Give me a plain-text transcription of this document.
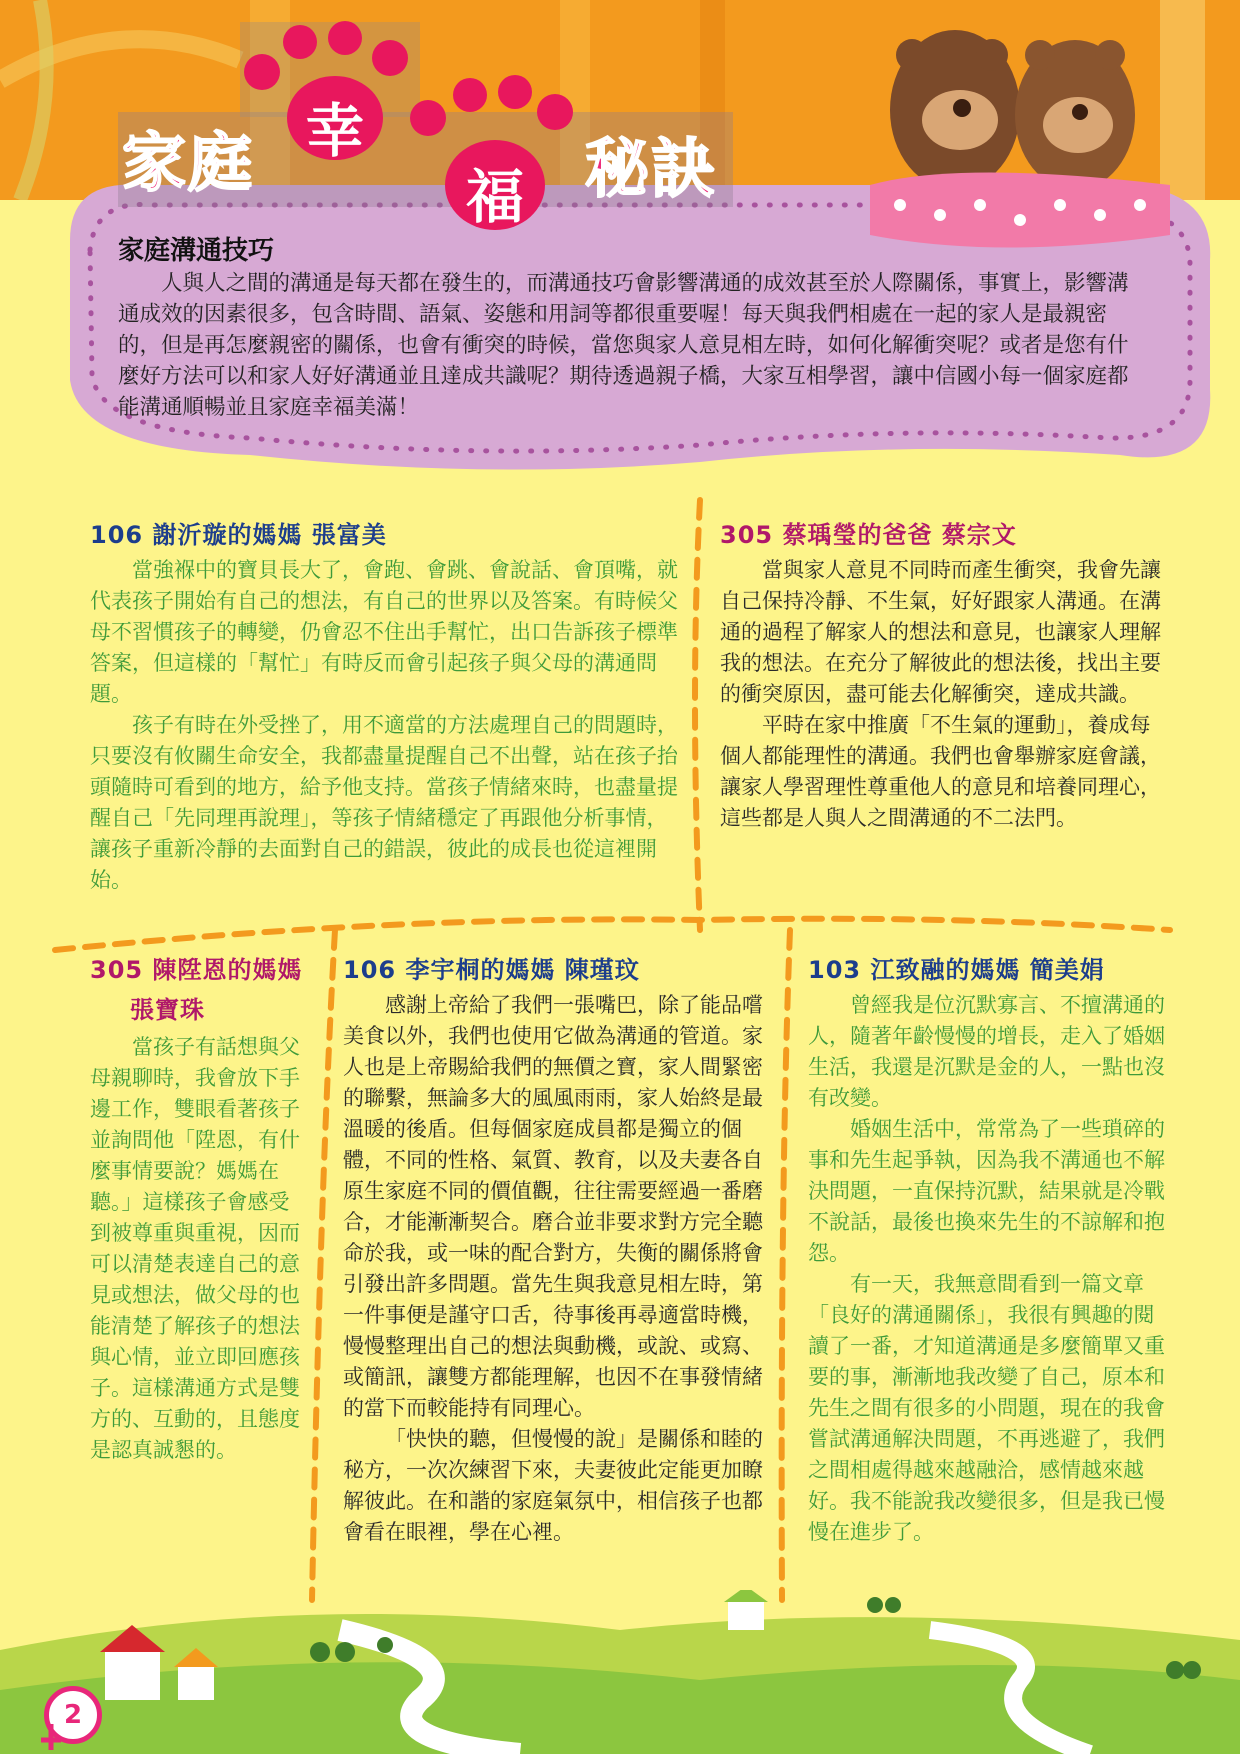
家庭 幸
福 秘訣
家庭溝通技巧

人與人之間的溝通是每天都在發生的，而溝通技巧會影響溝通的成效甚至於人際關係，事實上，影響溝通成效的因素很多，包含時間、語氣、姿態和用詞等都很重要喔！每天與我們相處在一起的家人是最親密的，但是再怎麼親密的關係，也會有衝突的時候，當您與家人意見相左時，如何化解衝突呢？或者是您有什麼好方法可以和家人好好溝通並且達成共識呢？期待透過親子橋，大家互相學習，讓中信國小每一個家庭都能溝通順暢並且家庭幸福美滿！

106 謝沂璇的媽媽 張富美

當強褓中的寶貝長大了，會跑、會跳、會說話、會頂嘴，就代表孩子開始有自己的想法，有自己的世界以及答案。有時候父母不習慣孩子的轉變，仍會忍不住出手幫忙，出口告訴孩子標準答案，但這樣的「幫忙」有時反而會引起孩子與父母的溝通問題。

孩子有時在外受挫了，用不適當的方法處理自己的問題時，只要沒有攸關生命安全，我都盡量提醒自己不出聲，站在孩子抬頭隨時可看到的地方，給予他支持。當孩子情緒來時，也盡量提醒自己「先同理再說理」，等孩子情緒穩定了再跟他分析事情，讓孩子重新冷靜的去面對自己的錯誤，彼此的成長也從這裡開始。

305 蔡瑀瑩的爸爸 蔡宗文

當與家人意見不同時而產生衝突，我會先讓自己保持冷靜、不生氣，好好跟家人溝通。在溝通的過程了解家人的想法和意見，也讓家人理解我的想法。在充分了解彼此的想法後，找出主要的衝突原因，盡可能去化解衝突，達成共識。

平時在家中推廣「不生氣的運動」，養成每個人都能理性的溝通。我們也會舉辦家庭會議，讓家人學習理性尊重他人的意見和培養同理心，這些都是人與人之間溝通的不二法門。

305 陳陞恩的媽媽
張寶珠

當孩子有話想與父母親聊時，我會放下手邊工作，雙眼看著孩子並詢問他「陞恩，有什麼事情要說？媽媽在聽。」這樣孩子會感受到被尊重與重視，因而可以清楚表達自己的意見或想法，做父母的也能清楚了解孩子的想法與心情，並立即回應孩子。這樣溝通方式是雙方的、互動的，且態度是認真誠懇的。

106 李宇桐的媽媽 陳瑾玟

感謝上帝給了我們一張嘴巴，除了能品嚐美食以外，我們也使用它做為溝通的管道。家人也是上帝賜給我們的無價之寶，家人間緊密的聯繫，無論多大的風風雨雨，家人始終是最溫暖的後盾。但每個家庭成員都是獨立的個體，不同的性格、氣質、教育，以及夫妻各自原生家庭不同的價值觀，往往需要經過一番磨合，才能漸漸契合。磨合並非要求對方完全聽命於我，或一味的配合對方，失衡的關係將會引發出許多問題。當先生與我意見相左時，第一件事便是謹守口舌，待事後再尋適當時機，慢慢整理出自己的想法與動機，或說、或寫、或簡訊，讓雙方都能理解，也因不在事發情緒的當下而較能持有同理心。

「快快的聽，但慢慢的說」是關係和睦的秘方，一次次練習下來，夫妻彼此定能更加瞭解彼此。在和諧的家庭氣氛中，相信孩子也都會看在眼裡，學在心裡。

103 江致融的媽媽 簡美娟

曾經我是位沉默寡言、不擅溝通的人，隨著年齡慢慢的增長，走入了婚姻生活，我還是沉默是金的人，一點也沒有改變。

婚姻生活中，常常為了一些瑣碎的事和先生起爭執，因為我不溝通也不解決問題，一直保持沉默，結果就是冷戰不說話，最後也換來先生的不諒解和抱怨。

有一天，我無意間看到一篇文章「良好的溝通關係」，我很有興趣的閱讀了一番，才知道溝通是多麼簡單又重要的事，漸漸地我改變了自己，原本和先生之間有很多的小問題，現在的我會嘗試溝通解決問題，不再逃避了，我們之間相處得越來越融洽，感情越來越好。我不能說我改變很多，但是我已慢慢在進步了。

2
